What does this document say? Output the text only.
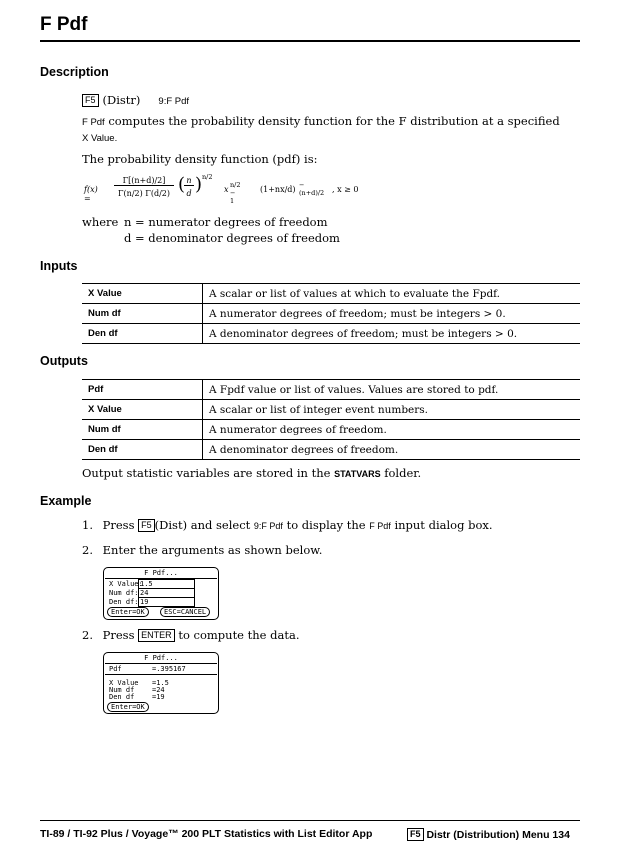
F Pdf
Description
F5 (Distr) 9:F Pdf
F Pdf computes the probability density function for the F distribution at a specified
X Value.
The probability density function (pdf) is:
f(x) =
Γ[(n+d)/2]
Γ(n/2) Γ(d/2) ( n
d ) n/2
x n/2 − 1
(1+nx/d) −(n+d)/2 , x ≥ 0
where n = numerator degrees of freedom
d = denominator degrees of freedom
Inputs
X Value	A scalar or list of values at which to evaluate the Fpdf.
Num df	A numerator degrees of freedom; must be integers > 0.
Den df	A denominator degrees of freedom; must be integers > 0.
Outputs
Pdf	A Fpdf value or list of values. Values are stored to pdf.
X Value	A scalar or list of integer event numbers.
Num df	A numerator degrees of freedom.
Den df	A denominator degrees of freedom.
Output statistic variables are stored in the STATVARS folder.
Example
1. Press F5 (Dist) and select 9:F Pdf to display the F Pdf input dialog box.
2. Enter the arguments as shown below.
F Pdf...
X Value:
1.5
Num df: 24
Den df: 19
Enter=OK	ESC=CANCEL
2. Press ENTER to compute the data.
F Pdf...
Pdf	=.395167
X Value =1.5
Num df	=24
Den df	=19
Enter=OK
TI-89 / TI-92 Plus / Voyage™ 200 PLT Statistics with List Editor App	F5 Distr (Distribution) Menu 134
